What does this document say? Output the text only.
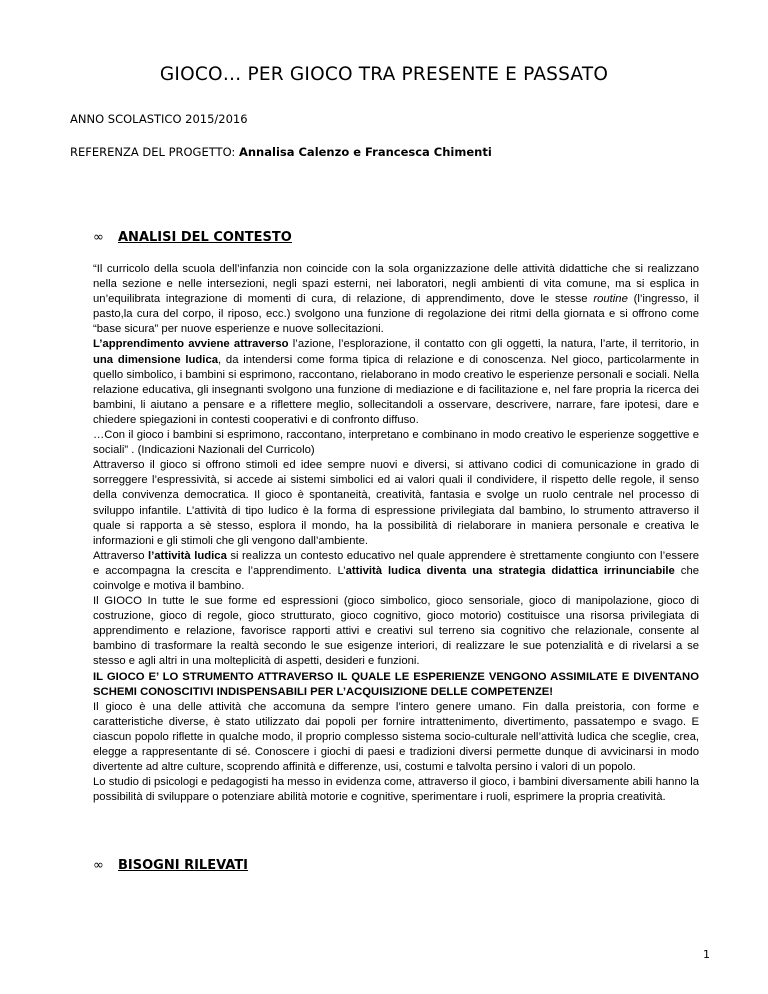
GIOCO… PER GIOCO TRA PRESENTE E PASSATO
ANNO SCOLASTICO 2015/2016
REFERENZA DEL PROGETTO: Annalisa Calenzo e Francesca Chimenti
∞ ANALISI DEL CONTESTO

“Il curricolo della scuola dell’infanzia non coincide con la sola organizzazione delle attività didattiche che si realizzano nella sezione e nelle intersezioni, negli spazi esterni, nei laboratori, negli ambienti di vita comune, ma si esplica in un’equilibrata integrazione di momenti di cura, di relazione, di apprendimento, dove le stesse routine (l’ingresso, il pasto,la cura del corpo, il riposo, ecc.) svolgono una funzione di regolazione dei ritmi della giornata e si offrono come “base sicura” per nuove esperienze e nuove sollecitazioni.

L’apprendimento avviene attraverso l’azione, l’esplorazione, il contatto con gli oggetti, la natura, l’arte, il territorio, in una dimensione ludica, da intendersi come forma tipica di relazione e di conoscenza. Nel gioco, particolarmente in quello simbolico, i bambini si esprimono, raccontano, rielaborano in modo creativo le esperienze personali e sociali. Nella relazione educativa, gli insegnanti svolgono una funzione di mediazione e di facilitazione e, nel fare propria la ricerca dei bambini, li aiutano a pensare e a riflettere meglio, sollecitandoli a osservare, descrivere, narrare, fare ipotesi, dare e chiedere spiegazioni in contesti cooperativi e di confronto diffuso.

…Con il gioco i bambini si esprimono, raccontano, interpretano e combinano in modo creativo le esperienze soggettive e sociali” . (Indicazioni Nazionali del Curricolo)

Attraverso il gioco si offrono stimoli ed idee sempre nuovi e diversi, si attivano codici di comunicazione in grado di sorreggere l’espressività, si accede ai sistemi simbolici ed ai valori quali il condividere, il rispetto delle regole, il senso della convivenza democratica. Il gioco è spontaneità, creatività, fantasia e svolge un ruolo centrale nel processo di sviluppo infantile. L’attività di tipo ludico è la forma di espressione privilegiata dal bambino, lo strumento attraverso il quale si rapporta a sè stesso, esplora il mondo, ha la possibilità di rielaborare in maniera personale e creativa le informazioni e gli stimoli che gli vengono dall’ambiente.

Attraverso l’attività ludica si realizza un contesto educativo nel quale apprendere è strettamente congiunto con l’essere e accompagna la crescita e l’apprendimento. L’attività ludica diventa una strategia didattica irrinunciabile che coinvolge e motiva il bambino.

Il GIOCO In tutte le sue forme ed espressioni (gioco simbolico, gioco sensoriale, gioco di manipolazione, gioco di costruzione, gioco di regole, gioco strutturato, gioco cognitivo, gioco motorio) costituisce una risorsa privilegiata di apprendimento e relazione, favorisce rapporti attivi e creativi sul terreno sia cognitivo che relazionale, consente al bambino di trasformare la realtà secondo le sue esigenze interiori, di realizzare le sue potenzialità e di rivelarsi a se stesso e agli altri in una molteplicità di aspetti, desideri e funzioni.

IL GIOCO E’ LO STRUMENTO ATTRAVERSO IL QUALE LE ESPERIENZE VENGONO ASSIMILATE E DIVENTANO SCHEMI CONOSCITIVI INDISPENSABILI PER L’ACQUISIZIONE DELLE COMPETENZE!

Il gioco è una delle attività che accomuna da sempre l’intero genere umano. Fin dalla preistoria, con forme e caratteristiche diverse, è stato utilizzato dai popoli per fornire intrattenimento, divertimento, passatempo e svago. E ciascun popolo riflette in qualche modo, il proprio complesso sistema socio-culturale nell’attività ludica che sceglie, crea, elegge a rappresentante di sé. Conoscere i giochi di paesi e tradizioni diversi permette dunque di avvicinarsi in modo divertente ad altre culture, scoprendo affinità e differenze, usi, costumi e talvolta persino i valori di un popolo.

Lo studio di psicologi e pedagogisti ha messo in evidenza come, attraverso il gioco, i bambini diversamente abili hanno la possibilità di sviluppare o potenziare abilità motorie e cognitive, sperimentare i ruoli, esprimere la propria creatività.

∞ BISOGNI RILEVATI
1
